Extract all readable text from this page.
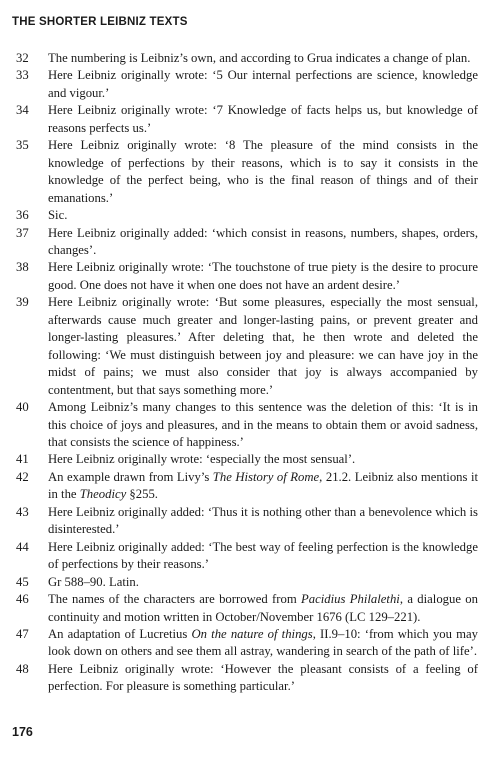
THE SHORTER LEIBNIZ TEXTS
32 The numbering is Leibniz’s own, and according to Grua indicates a change of plan.
33 Here Leibniz originally wrote: ‘5 Our internal perfections are science, knowledge and vigour.’
34 Here Leibniz originally wrote: ‘7 Knowledge of facts helps us, but knowledge of reasons perfects us.’
35 Here Leibniz originally wrote: ‘8 The pleasure of the mind consists in the knowledge of perfections by their reasons, which is to say it consists in the knowledge of the perfect being, who is the final reason of things and of their emanations.’
36 Sic.
37 Here Leibniz originally added: ‘which consist in reasons, numbers, shapes, orders, changes’.
38 Here Leibniz originally wrote: ‘The touchstone of true piety is the desire to procure good. One does not have it when one does not have an ardent desire.’
39 Here Leibniz originally wrote: ‘But some pleasures, especially the most sensual, afterwards cause much greater and longer-lasting pains, or prevent greater and longer-lasting pleasures.’ After deleting that, he then wrote and deleted the following: ‘We must distinguish between joy and pleasure: we can have joy in the midst of pains; we must also consider that joy is always accompanied by contentment, but that says something more.’
40 Among Leibniz’s many changes to this sentence was the deletion of this: ‘It is in this choice of joys and pleasures, and in the means to obtain them or avoid sadness, that consists the science of happiness.’
41 Here Leibniz originally wrote: ‘especially the most sensual’.
42 An example drawn from Livy’s The History of Rome, 21.2. Leibniz also mentions it in the Theodicy §255.
43 Here Leibniz originally added: ‘Thus it is nothing other than a benevolence which is disinterested.’
44 Here Leibniz originally added: ‘The best way of feeling perfection is the knowledge of perfections by their reasons.’
45 Gr 588–90. Latin.
46 The names of the characters are borrowed from Pacidius Philalethi, a dialogue on continuity and motion written in October/November 1676 (LC 129–221).
47 An adaptation of Lucretius On the nature of things, II.9–10: ‘from which you may look down on others and see them all astray, wandering in search of the path of life’.
48 Here Leibniz originally wrote: ‘However the pleasant consists of a feeling of perfection. For pleasure is something particular.’
176
